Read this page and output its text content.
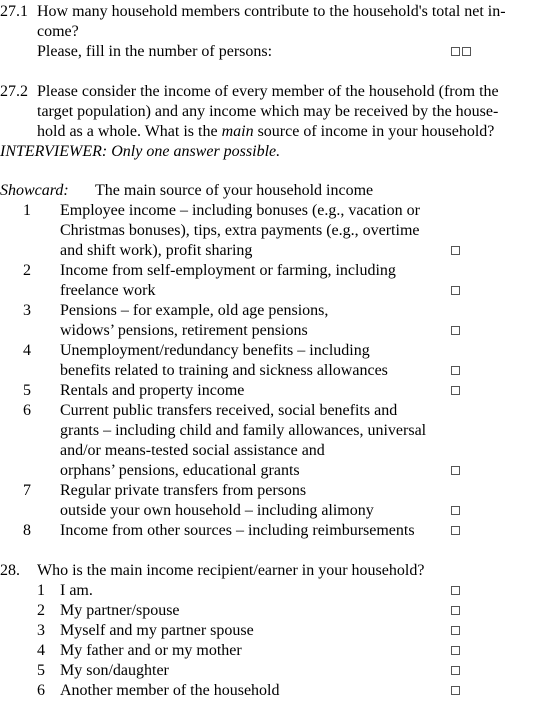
27.1 How many household members contribute to the household's total net in-
come?
Please, fill in the number of persons:
27.2 Please consider the income of every member of the household (from the
target population) and any income which may be received by the house-
hold as a whole. What is the main source of income in your household?
INTERVIEWER: Only one answer possible.
Showcard: The main source of your household income
1 Employee income – including bonuses (e.g., vacation or
Christmas bonuses), tips, extra payments (e.g., overtime
and shift work), profit sharing
2 Income from self-employment or farming, including
freelance work
3 Pensions – for example, old age pensions,
widows’ pensions, retirement pensions
4 Unemployment/redundancy benefits – including
benefits related to training and sickness allowances
5 Rentals and property income
6 Current public transfers received, social benefits and
grants – including child and family allowances, universal
and/or means-tested social assistance and
orphans’ pensions, educational grants
7 Regular private transfers from persons
outside your own household – including alimony
8 Income from other sources – including reimbursements
28. Who is the main income recipient/earner in your household?
1 I am.
2 My partner/spouse
3 Myself and my partner spouse
4 My father and or my mother
5 My son/daughter
6 Another member of the household
